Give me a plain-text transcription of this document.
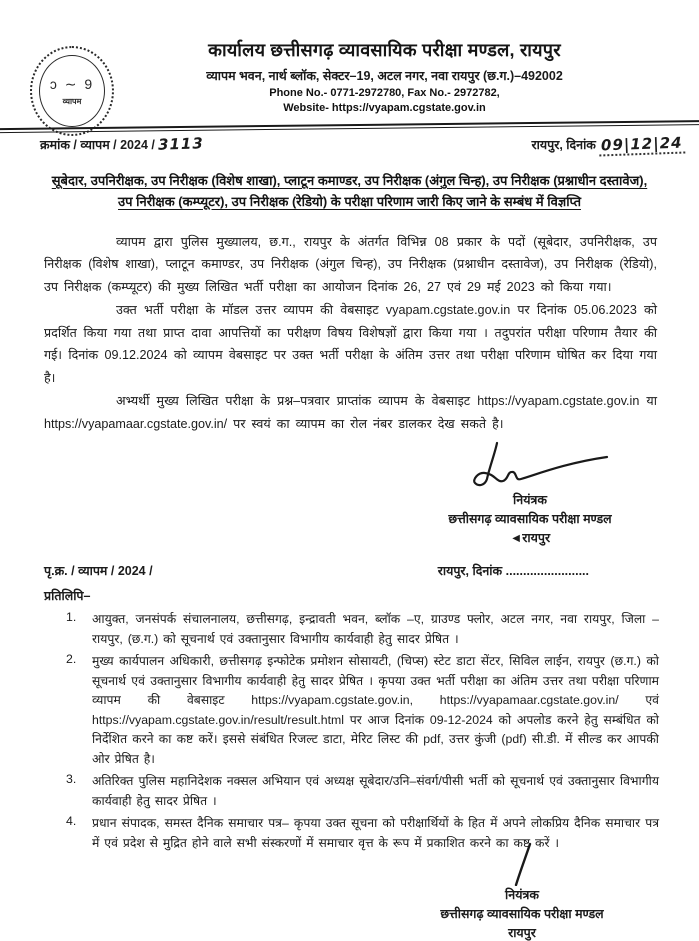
ↄ ∼ 9
व्यापम
कार्यालय छत्तीसगढ़ व्यावसायिक परीक्षा मण्डल, रायपुर
व्यापम भवन, नार्थ ब्लॉक, सेक्टर–19, अटल नगर, नवा रायपुर (छ.ग.)–492002
Phone No.- 0771-2972780, Fax No.- 2972782,
Website- https://vyapam.cgstate.gov.in
क्रमांक / व्यापम / 2024 / 3113	रायपुर, दिनांक 09|12|24
सूबेदार, उपनिरीक्षक, उप निरीक्षक (विशेष शाखा), प्लाटून कमाण्डर, उप निरीक्षक (अंगुल चिन्ह), उप निरीक्षक (प्रश्नाधीन दस्तावेज), उप निरीक्षक (कम्प्यूटर), उप निरीक्षक (रेडियो) के परीक्षा परिणाम जारी किए जाने के सम्बंध में विज्ञप्ति

व्यापम द्वारा पुलिस मुख्यालय, छ.ग., रायपुर के अंतर्गत विभिन्न 08 प्रकार के पदों (सूबेदार, उपनिरीक्षक, उप निरीक्षक (विशेष शाखा), प्लाटून कमाण्डर, उप निरीक्षक (अंगुल चिन्ह), उप निरीक्षक (प्रश्नाधीन दस्तावेज), उप निरीक्षक (रेडियो), उप निरीक्षक (कम्प्यूटर) की मुख्य लिखित भर्ती परीक्षा का आयोजन दिनांक 26, 27 एवं 29 मई 2023 को किया गया।

उक्त भर्ती परीक्षा के मॉडल उत्तर व्यापम की वेबसाइट vyapam.cgstate.gov.in पर दिनांक 05.06.2023 को प्रदर्शित किया गया तथा प्राप्त दावा आपत्तियों का परीक्षण विषय विशेषज्ञों द्वारा किया गया । तदुपरांत परीक्षा परिणाम तैयार की गई। दिनांक 09.12.2024 को व्यापम वेबसाइट पर उक्त भर्ती परीक्षा के अंतिम उत्तर तथा परीक्षा परिणाम घोषित कर दिया गया है।

अभ्यर्थी मुख्य लिखित परीक्षा के प्रश्न–पत्रवार प्राप्तांक व्यापम के वेबसाइट https://vyapam.cgstate.gov.in या https://vyapamaar.cgstate.gov.in/ पर स्वयं का व्यापम का रोल नंबर डालकर देख सकते है।

नियंत्रक
छत्तीसगढ़ व्यावसायिक परीक्षा मण्डल
◄रायपुर
पृ.क्र. / व्यापम / 2024 /	रायपुर, दिनांक ........................
प्रतिलिपि–
1.	आयुक्त, जनसंपर्क संचालनालय, छत्तीसगढ़, इन्द्रावती भवन, ब्लॉक –ए, ग्राउण्ड फ्लोर, अटल नगर, नवा रायपुर, जिला –रायपुर, (छ.ग.) को सूचनार्थ एवं उक्तानुसार विभागीय कार्यवाही हेतु सादर प्रेषित ।
2.	मुख्य कार्यपालन अधिकारी, छत्तीसगढ़ इन्फोटेक प्रमोशन सोसायटी, (चिप्स) स्टेट डाटा सेंटर, सिविल लाईन, रायपुर (छ.ग.) को सूचनार्थ एवं उक्तानुसार विभागीय कार्यवाही हेतु सादर प्रेषित । कृपया उक्त भर्ती परीक्षा का अंतिम उत्तर तथा परीक्षा परिणाम व्यापम की वेबसाइट https://vyapam.cgstate.gov.in, https://vyapamaar.cgstate.gov.in/ एवं https://vyapam.cgstate.gov.in/result/result.html पर आज दिनांक 09-12-2024 को अपलोड करने हेतु सम्बंधित को निर्देशित करने का कष्ट करें। इससे संबंधित रिजल्ट डाटा, मेरिट लिस्ट की pdf, उत्तर कुंजी (pdf) सी.डी. में सील्ड कर आपकी ओर प्रेषित है।
3.	अतिरिक्त पुलिस महानिदेशक नक्सल अभियान एवं अध्यक्ष सूबेदार/उनि–संवर्ग/पीसी भर्ती को सूचनार्थ एवं उक्तानुसार विभागीय कार्यवाही हेतु सादर प्रेषित ।
4.	प्रधान संपादक, समस्त दैनिक समाचार पत्र– कृपया उक्त सूचना को परीक्षार्थियों के हित में अपने लोकप्रिय दैनिक समाचार पत्र में एवं प्रदेश से मुद्रित होने वाले सभी संस्करणों में समाचार वृत्त के रूप में प्रकाशित करने का कष्ट करें ।
नियंत्रक
छत्तीसगढ़ व्यावसायिक परीक्षा मण्डल
रायपुर
